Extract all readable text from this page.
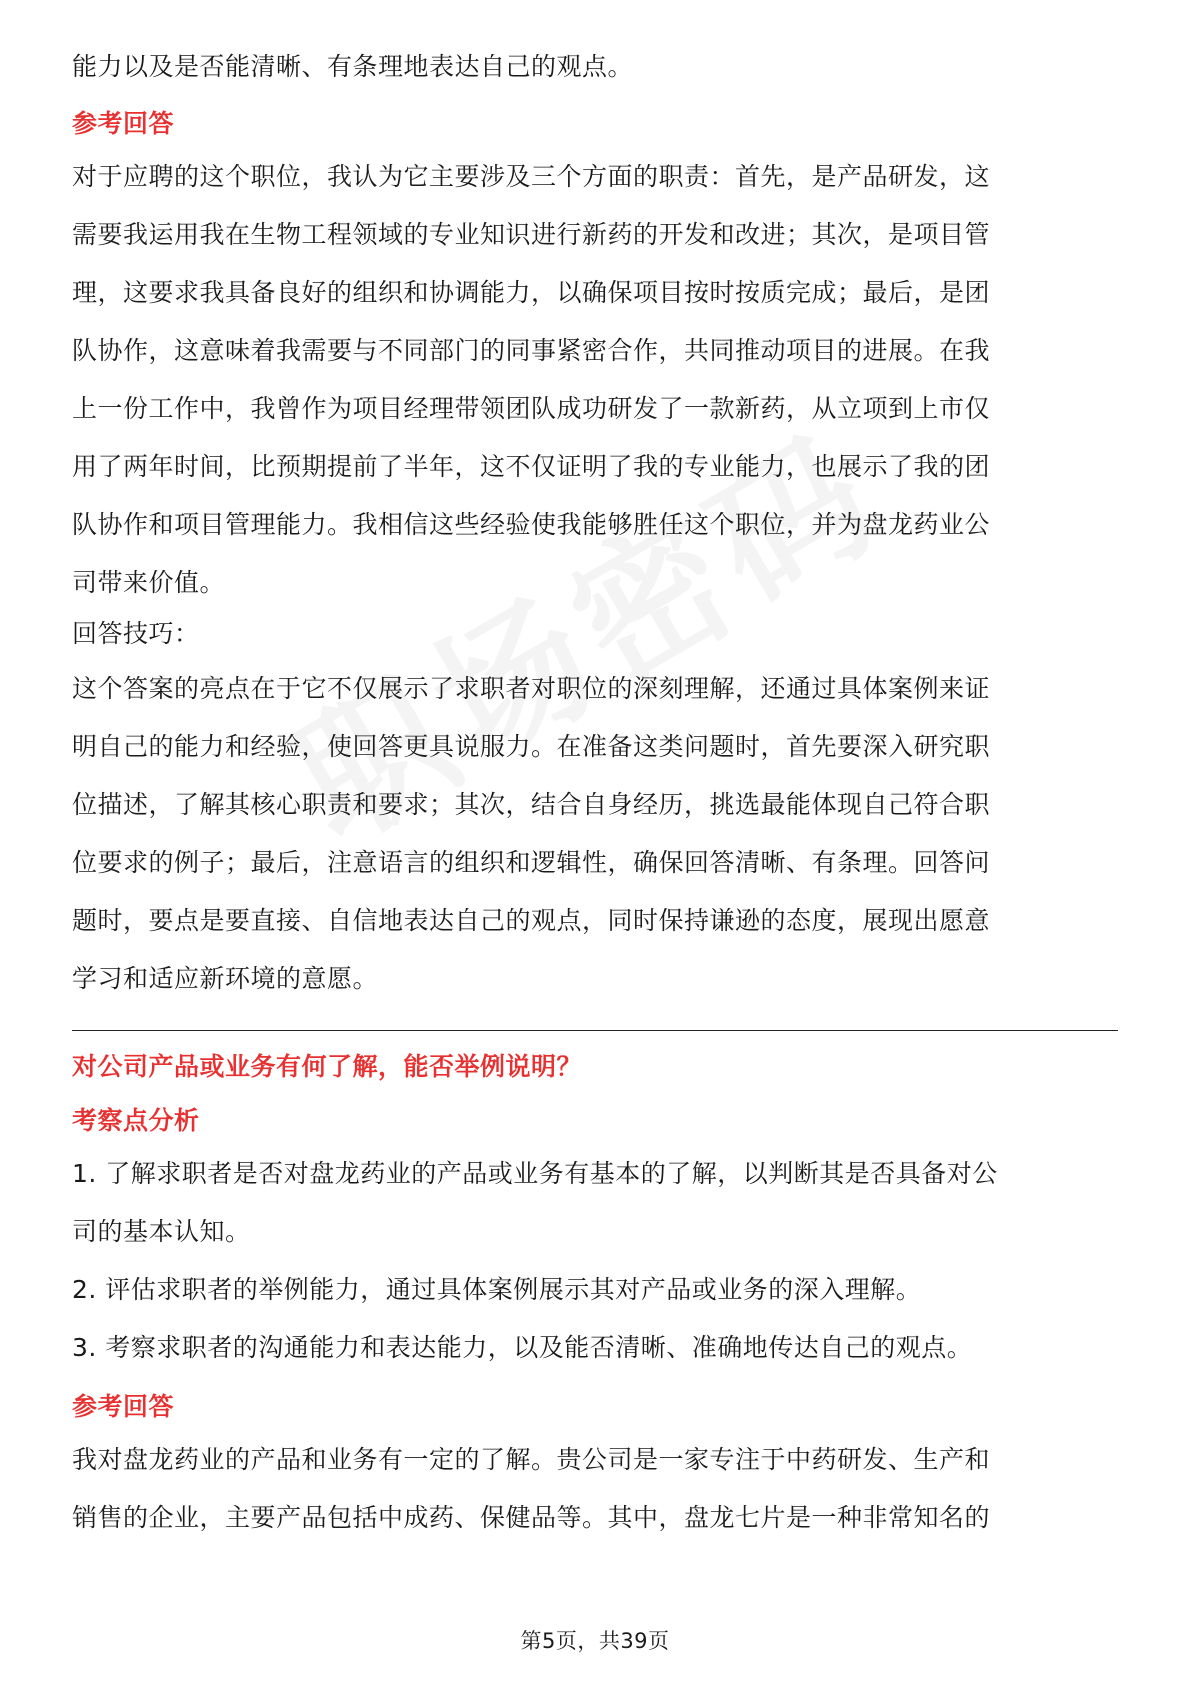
能力以及是否能清晰、有条理地表达自己的观点。

参考回答

对于应聘的这个职位，我认为它主要涉及三个方面的职责：首先，是产品研发，这

需要我运用我在生物工程领域的专业知识进行新药的开发和改进；其次，是项目管

理，这要求我具备良好的组织和协调能力，以确保项目按时按质完成；最后，是团

队协作，这意味着我需要与不同部门的同事紧密合作，共同推动项目的进展。在我

上一份工作中，我曾作为项目经理带领团队成功研发了一款新药，从立项到上市仅

用了两年时间，比预期提前了半年，这不仅证明了我的专业能力，也展示了我的团

队协作和项目管理能力。我相信这些经验使我能够胜任这个职位，并为盘龙药业公

司带来价值。

回答技巧：

这个答案的亮点在于它不仅展示了求职者对职位的深刻理解，还通过具体案例来证

明自己的能力和经验，使回答更具说服力。在准备这类问题时，首先要深入研究职

位描述，了解其核心职责和要求；其次，结合自身经历，挑选最能体现自己符合职

位要求的例子；最后，注意语言的组织和逻辑性，确保回答清晰、有条理。回答问

题时，要点是要直接、自信地表达自己的观点，同时保持谦逊的态度，展现出愿意

学习和适应新环境的意愿。

对公司产品或业务有何了解，能否举例说明？

考察点分析

1. 了解求职者是否对盘龙药业的产品或业务有基本的了解，以判断其是否具备对公

司的基本认知。

2. 评估求职者的举例能力，通过具体案例展示其对产品或业务的深入理解。

3. 考察求职者的沟通能力和表达能力，以及能否清晰、准确地传达自己的观点。

参考回答

我对盘龙药业的产品和业务有一定的了解。贵公司是一家专注于中药研发、生产和

销售的企业，主要产品包括中成药、保健品等。其中，盘龙七片是一种非常知名的

第5页，共39页
